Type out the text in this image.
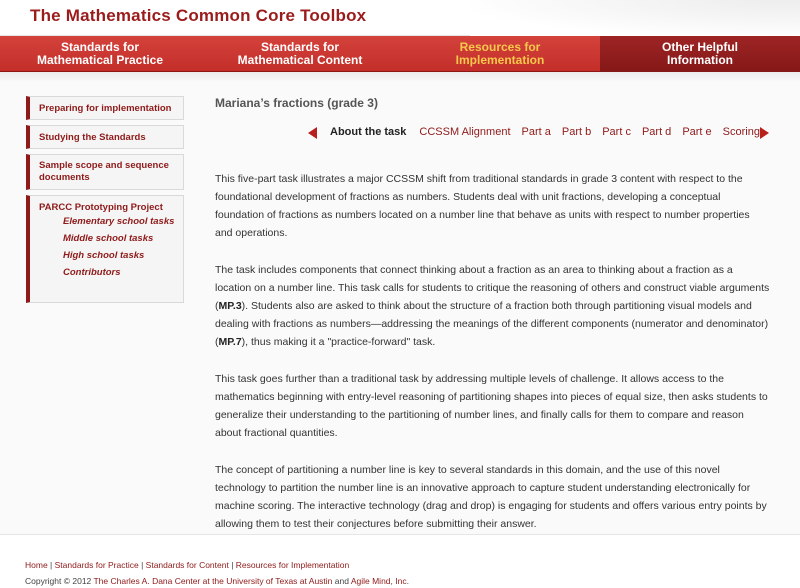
The Mathematics Common Core Toolbox
Standards for
Mathematical Practice
Standards for
Mathematical Content
Resources for
Implementation
Other Helpful
Information
Preparing for implementation
Studying the Standards
Sample scope and sequence documents
PARCC Prototyping Project
Elementary school tasks
Middle school tasks
High school tasks
Contributors
Mariana’s fractions (grade 3)
About the task CCSSM Alignment Part a Part b Part c Part d Part e Scoring

This five-part task illustrates a major CCSSM shift from traditional standards in grade 3 content with respect to the foundational development of fractions as numbers. Students deal with unit fractions, developing a conceptual foundation of fractions as numbers located on a number line that behave as units with respect to number properties and operations.

The task includes components that connect thinking about a fraction as an area to thinking about a fraction as a location on a number line. This task calls for students to critique the reasoning of others and construct viable arguments (MP.3). Students also are asked to think about the structure of a fraction both through partitioning visual models and dealing with fractions as numbers—addressing the meanings of the different components (numerator and denominator) (MP.7), thus making it a "practice-forward" task.

This task goes further than a traditional task by addressing multiple levels of challenge. It allows access to the mathematics beginning with entry-level reasoning of partitioning shapes into pieces of equal size, then asks students to generalize their understanding to the partitioning of number lines, and finally calls for them to compare and reason about fractional quantities.

The concept of partitioning a number line is key to several standards in this domain, and the use of this novel technology to partition the number line is an innovative approach to capture student understanding electronically for machine scoring. The interactive technology (drag and drop) is engaging for students and offers various entry points by allowing them to test their conjectures before submitting their answer.

Home | Standards for Practice | Standards for Content | Resources for Implementation
Copyright © 2012 The Charles A. Dana Center at the University of Texas at Austin and Agile Mind, Inc.
